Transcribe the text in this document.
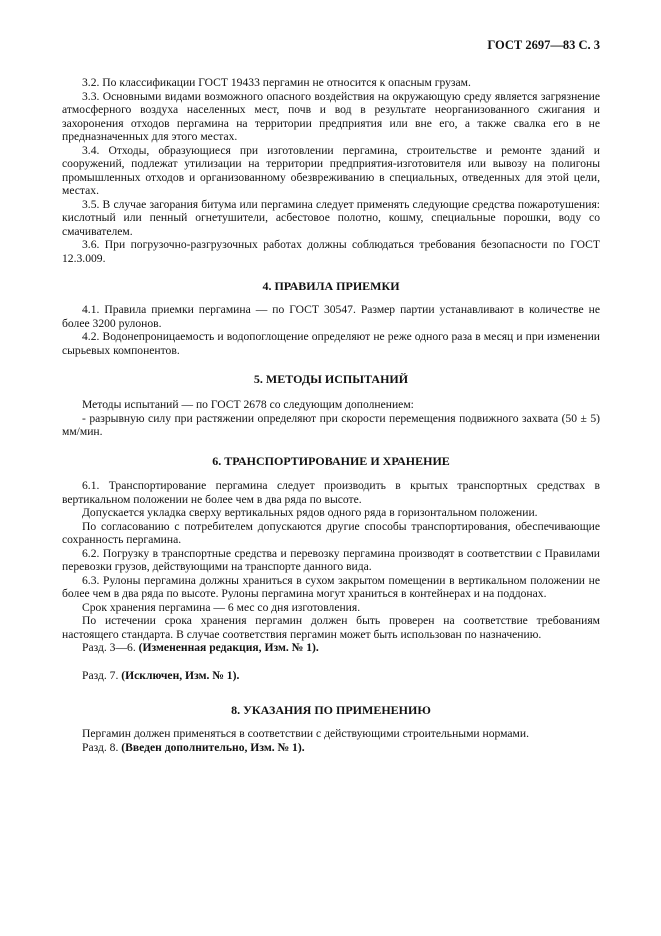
ГОСТ 2697—83 С. 3

3.2. По классификации ГОСТ 19433 пергамин не относится к опасным грузам.

3.3. Основными видами возможного опасного воздействия на окружающую среду является загрязнение атмосферного воздуха населенных мест, почв и вод в результате неорганизованного сжигания и захоронения отходов пергамина на территории предприятия или вне его, а также свалка его в не предназначенных для этого местах.

3.4. Отходы, образующиеся при изготовлении пергамина, строительстве и ремонте зданий и сооружений, подлежат утилизации на территории предприятия-изготовителя или вывозу на полигоны промышленных отходов и организованному обезвреживанию в специальных, отведенных для этой цели, местах.

3.5. В случае загорания битума или пергамина следует применять следующие средства пожаротушения: кислотный или пенный огнетушители, асбестовое полотно, кошму, специальные порошки, воду со смачивателем.

3.6. При погрузочно-разгрузочных работах должны соблюдаться требования безопасности по ГОСТ 12.3.009.

4. ПРАВИЛА ПРИЕМКИ

4.1. Правила приемки пергамина — по ГОСТ 30547. Размер партии устанавливают в количестве не более 3200 рулонов.

4.2. Водонепроницаемость и водопоглощение определяют не реже одного раза в месяц и при изменении сырьевых компонентов.

5. МЕТОДЫ ИСПЫТАНИЙ

Методы испытаний — по ГОСТ 2678 со следующим дополнением:

- разрывную силу при растяжении определяют при скорости перемещения подвижного захвата (50 ± 5) мм/мин.

6. ТРАНСПОРТИРОВАНИЕ И ХРАНЕНИЕ

6.1. Транспортирование пергамина следует производить в крытых транспортных средствах в вертикальном положении не более чем в два ряда по высоте.

Допускается укладка сверху вертикальных рядов одного ряда в горизонтальном положении.

По согласованию с потребителем допускаются другие способы транспортирования, обеспечивающие сохранность пергамина.

6.2. Погрузку в транспортные средства и перевозку пергамина производят в соответствии с Правилами перевозки грузов, действующими на транспорте данного вида.

6.3. Рулоны пергамина должны храниться в сухом закрытом помещении в вертикальном положении не более чем в два ряда по высоте. Рулоны пергамина могут храниться в контейнерах и на поддонах.

Срок хранения пергамина — 6 мес со дня изготовления.

По истечении срока хранения пергамин должен быть проверен на соответствие требованиям настоящего стандарта. В случае соответствия пергамин может быть использован по назначению.

Разд. 3—6. (Измененная редакция, Изм. № 1).

Разд. 7. (Исключен, Изм. № 1).

8. УКАЗАНИЯ ПО ПРИМЕНЕНИЮ

Пергамин должен применяться в соответствии с действующими строительными нормами.

Разд. 8. (Введен дополнительно, Изм. № 1).
